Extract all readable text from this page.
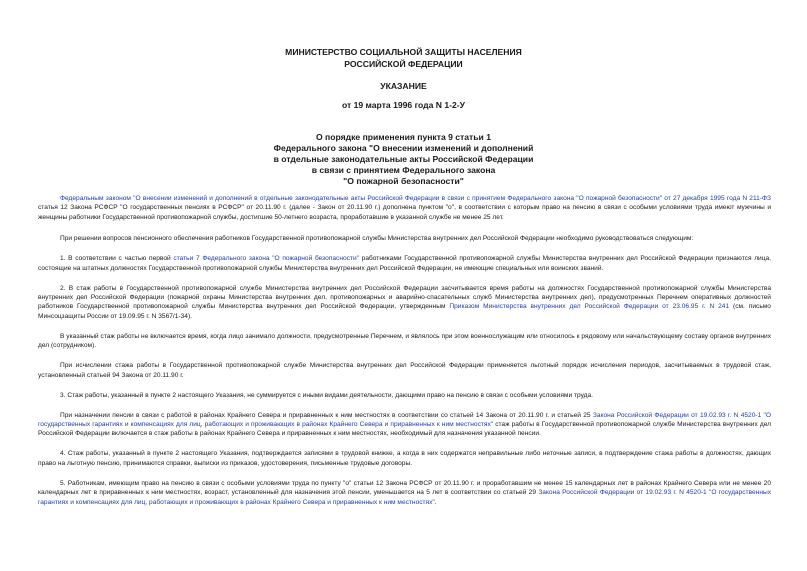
МИНИСТЕРСТВО СОЦИАЛЬНОЙ ЗАЩИТЫ НАСЕЛЕНИЯ
РОССИЙСКОЙ ФЕДЕРАЦИИ
УКАЗАНИЕ
от 19 марта 1996 года N 1-2-У
О порядке применения пункта 9 статьи 1
Федерального закона "О внесении изменений и дополнений
в отдельные законодательные акты Российской Федерации
в связи с принятием Федерального закона
"О пожарной безопасности"

Федеральным законом "О внесении изменений и дополнений в отдельные законодательные акты Российской Федерации в связи с принятием Федерального закона "О пожарной безопасности" от 27 декабря 1995 года N 211-ФЗ статья 12 Закона РСФСР "О государственных пенсиях в РСФСР" от 20.11.90 г. (далее - Закон от 20.11.90 г.) дополнена пунктом "о", в соответствии с которым право на пенсию в связи с особыми условиями труда имеют мужчины и женщины работники Государственной противопожарной службы, достигшие 50-летнего возраста, проработавшие в указанной службе не менее 25 лет.

При решении вопросов пенсионного обеспечения работников Государственной противопожарной службы Министерства внутренних дел Российской Федерации необходимо руководствоваться следующим:

1. В соответствии с частью первой статьи 7 Федерального закона "О пожарной безопасности" работниками Государственной противопожарной службы Министерства внутренних дел Российской Федерации признаются лица, состоящие на штатных должностях Государственной противопожарной службы Министерства внутренних дел Российской Федерации, не имеющие специальных или воинских званий.

2. В стаж работы в Государственной противопожарной службе Министерства внутренних дел Российской Федерации засчитывается время работы на должностях Государственной противопожарной службы Министерства внутренних дел Российской Федерации (пожарной охраны Министерства внутренних дел, противопожарных и аварийно-спасательных служб Министерства внутренних дел), предусмотренных Перечнем оперативных должностей работников Государственной противопожарной службы Министерства внутренних дел Российской Федерации, утвержденным Приказом Министерства внутренних дел Российской Федерации от 23.06.95 г. N 241 (см. письмо Минсоцзащиты России от 19.09.95 г. N 3567/1-34).

В указанный стаж работы не включается время, когда лицо занимало должности, предусмотренные Перечнем, и являлось при этом военнослужащим или относилось к рядовому или начальствующему составу органов внутренних дел (сотрудником).

При исчислении стажа работы в Государственной противопожарной службе Министерства внутренних дел Российской Федерации применяется льготный порядок исчисления периодов, засчитываемых в трудовой стаж, установленный статьей 94 Закона от 20.11.90 г.

3. Стаж работы, указанный в пункте 2 настоящего Указания, не суммируется с иными видами деятельности, дающими право на пенсию в связи с особыми условиями труда.

При назначении пенсии в связи с работой в районах Крайнего Севера и приравненных к ним местностях в соответствии со статьей 14 Закона от 20.11.90 г. и статьей 25 Закона Российской Федерации от 19.02.93 г. N 4520-1 "О государственных гарантиях и компенсациях для лиц, работающих и проживающих в районах Крайнего Севера и приравненных к ним местностях" стаж работы в Государственной противопожарной службе Министерства внутренних дел Российской Федерации включается в стаж работы в районах Крайнего Севера и приравненных к ним местностях, необходимый для назначения указанной пенсии.

4. Стаж работы, указанный в пункте 2 настоящего Указания, подтверждается записями в трудовой книжке, а когда в них содержатся неправильные либо неточные записи, в подтверждение стажа работы в должностях, дающих право на льготную пенсию, принимаются справки, выписки из приказов, удостоверения, письменные трудовые договоры.

5. Работникам, имеющим право на пенсию в связи с особыми условиями труда по пункту "о" статьи 12 Закона РСФСР от 20.11.90 г. и проработавшим не менее 15 календарных лет в районах Крайнего Севера или не менее 20 календарных лет в приравненных к ним местностях, возраст, установленный для назначения этой пенсии, уменьшается на 5 лет в соответствии со статьей 29 Закона Российской Федерации от 19.02.93 г. N 4520-1 "О государственных гарантиях и компенсациях для лиц, работающих и проживающих в районах Крайнего Севера и приравненных к ним местностях".
